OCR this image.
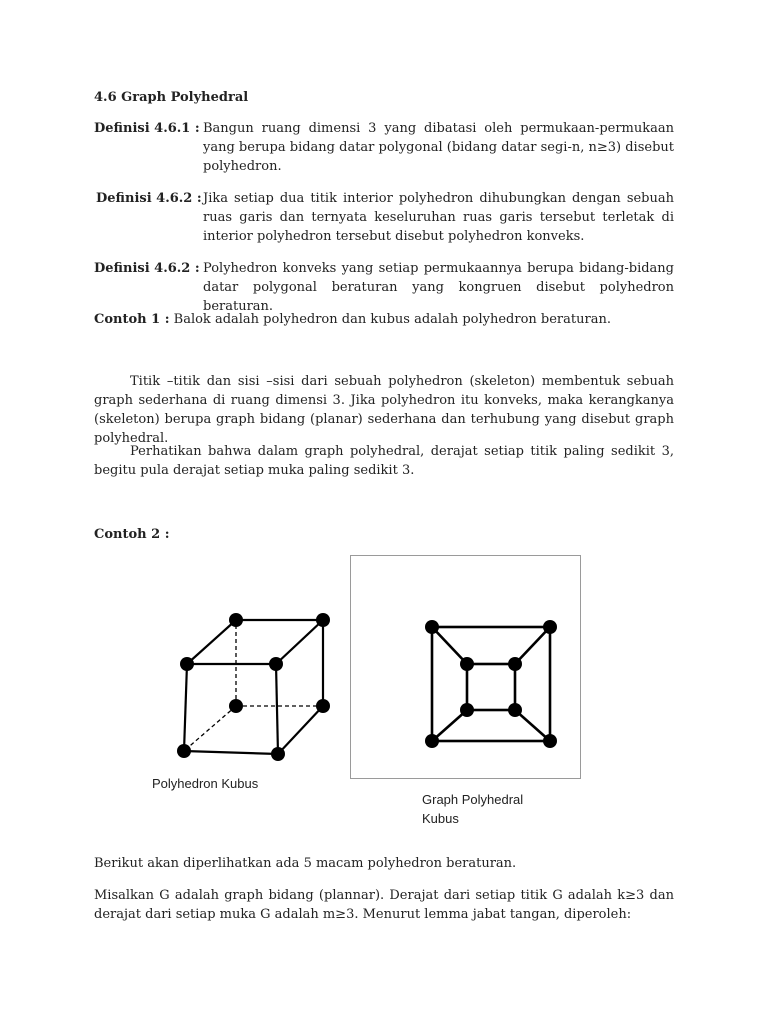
4.6 Graph Polyhedral
Definisi 4.6.1 : Bangun ruang dimensi 3 yang dibatasi oleh permukaan-permukaan yang berupa bidang datar polygonal (bidang datar segi-n, n≥3) disebut polyhedron.
Definisi 4.6.2 : Jika setiap dua titik interior polyhedron dihubungkan dengan sebuah ruas garis dan ternyata keseluruhan ruas garis tersebut terletak di interior polyhedron tersebut disebut polyhedron konveks.
Definisi 4.6.2 : Polyhedron konveks yang setiap permukaannya berupa bidang-bidang datar polygonal beraturan yang kongruen disebut polyhedron beraturan.
Contoh 1 : Balok adalah polyhedron dan kubus adalah polyhedron beraturan.
Titik –titik dan sisi –sisi dari sebuah polyhedron (skeleton) membentuk sebuah graph sederhana di ruang dimensi 3. Jika polyhedron itu konveks, maka kerangkanya (skeleton) berupa graph bidang (planar) sederhana dan terhubung yang disebut graph polyhedral.
Perhatikan bahwa dalam graph polyhedral, derajat setiap titik paling sedikit 3, begitu pula derajat setiap muka paling sedikit 3.
Contoh 2 :
Polyhedron Kubus
Graph Polyhedral
Kubus
Berikut akan diperlihatkan ada 5 macam polyhedron beraturan.
Misalkan G adalah graph bidang (plannar). Derajat dari setiap titik G adalah k≥3 dan derajat dari setiap muka G adalah m≥3. Menurut lemma jabat tangan, diperoleh:
